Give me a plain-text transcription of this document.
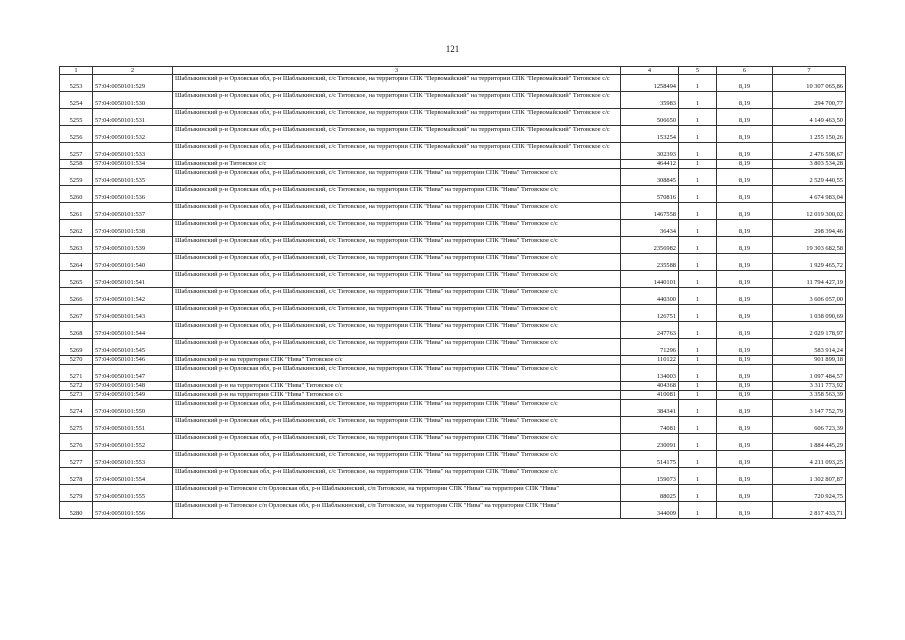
121
1	2	3	4	5	6	7
5253	57:04:0050101:529	Шаблыкинский р-н Орловская обл, р-н Шаблыкинский, с/с Титовское, на территории СПК "Первомайский" на территории СПК "Первомайский" Титовское с/с	1258494	1	8,19	10 307 065,86
5254	57:04:0050101:530	Шаблыкинский р-н Орловская обл, р-н Шаблыкинский, с/с Титовское, на территории СПК "Первомайский" на территории СПК "Первомайский" Титовское с/с	35983	1	8,19	294 700,77
5255	57:04:0050101:531	Шаблыкинский р-н Орловская обл, р-н Шаблыкинский, с/с Титовское, на территории СПК "Первомайский" на территории СПК "Первомайский" Титовское с/с	506650	1	8,19	4 149 463,50
5256	57:04:0050101:532	Шаблыкинский р-н Орловская обл, р-н Шаблыкинский, с/с Титовское, на территории СПК "Первомайский" на территории СПК "Первомайский" Титовское с/с	153254	1	8,19	1 255 150,26
5257	57:04:0050101:533	Шаблыкинский р-н Орловская обл, р-н Шаблыкинский, с/с Титовское, на территории СПК "Первомайский" на территории СПК "Первомайский" Титовское с/с	302393	1	8,19	2 476 598,67
5258	57:04:0050101:534	Шаблыкинский р-н Титовское с/с	464412	1	8,19	3 803 534,28
5259	57:04:0050101:535	Шаблыкинский р-н Орловская обл, р-н Шаблыкинский, с/с Титовское, на территории СПК "Нива" на территории СПК "Нива" Титовское с/с	308845	1	8,19	2 529 440,55
5260	57:04:0050101:536	Шаблыкинский р-н Орловская обл, р-н Шаблыкинский, с/с Титовское, на территории СПК "Нива" на территории СПК "Нива" Титовское с/с	570816	1	8,19	4 674 983,04
5261	57:04:0050101:537	Шаблыкинский р-н Орловская обл, р-н Шаблыкинский, с/с Титовское, на территории СПК "Нива" на территории СПК "Нива" Титовское с/с	1467558	1	8,19	12 019 300,02
5262	57:04:0050101:538	Шаблыкинский р-н Орловская обл, р-н Шаблыкинский, с/с Титовское, на территории СПК "Нива" на территории СПК "Нива" Титовское с/с	36434	1	8,19	298 394,46
5263	57:04:0050101:539	Шаблыкинский р-н Орловская обл, р-н Шаблыкинский, с/с Титовское, на территории СПК "Нива" на территории СПК "Нива" Титовское с/с	2356982	1	8,19	19 303 682,58
5264	57:04:0050101:540	Шаблыкинский р-н Орловская обл, р-н Шаблыкинский, с/с Титовское, на территории СПК "Нива" на территории СПК "Нива" Титовское с/с	235588	1	8,19	1 929 465,72
5265	57:04:0050101:541	Шаблыкинский р-н Орловская обл, р-н Шаблыкинский, с/с Титовское, на территории СПК "Нива" на территории СПК "Нива" Титовское с/с	1440101	1	8,19	11 794 427,19
5266	57:04:0050101:542	Шаблыкинский р-н Орловская обл, р-н Шаблыкинский, с/с Титовское, на территории СПК "Нива" на территории СПК "Нива" Титовское с/с	440300	1	8,19	3 606 057,00
5267	57:04:0050101:543	Шаблыкинский р-н Орловская обл, р-н Шаблыкинский, с/с Титовское, на территории СПК "Нива" на территории СПК "Нива" Титовское с/с	126751	1	8,19	1 038 090,69
5268	57:04:0050101:544	Шаблыкинский р-н Орловская обл, р-н Шаблыкинский, с/с Титовское, на территории СПК "Нива" на территории СПК "Нива" Титовское с/с	247763	1	8,19	2 029 178,97
5269	57:04:0050101:545	Шаблыкинский р-н Орловская обл, р-н Шаблыкинский, с/с Титовское, на территории СПК "Нива" на территории СПК "Нива" Титовское с/с	71296	1	8,19	583 914,24
5270	57:04:0050101:546	Шаблыкинский р-н на территории СПК "Нива" Титовское с/с	110122	1	8,19	901 899,18
5271	57:04:0050101:547	Шаблыкинский р-н Орловская обл, р-н Шаблыкинский, с/с Титовское, на территории СПК "Нива" на территории СПК "Нива" Титовское с/с	134003	1	8,19	1 097 484,57
5272	57:04:0050101:548	Шаблыкинский р-н на территории СПК "Нива" Титовское с/с	404368	1	8,19	3 311 773,92
5273	57:04:0050101:549	Шаблыкинский р-н на территории СПК "Нива" Титовское с/с	410081	1	8,19	3 358 563,39
5274	57:04:0050101:550	Шаблыкинский р-н Орловская обл, р-н Шаблыкинский, с/с Титовское, на территории СПК "Нива" на территории СПК "Нива" Титовское с/с	384341	1	8,19	3 147 752,79
5275	57:04:0050101:551	Шаблыкинский р-н Орловская обл, р-н Шаблыкинский, с/с Титовское, на территории СПК "Нива" на территории СПК "Нива" Титовское с/с	74081	1	8,19	606 723,39
5276	57:04:0050101:552	Шаблыкинский р-н Орловская обл, р-н Шаблыкинский, с/с Титовское, на территории СПК "Нива" на территории СПК "Нива" Титовское с/с	230091	1	8,19	1 884 445,29
5277	57:04:0050101:553	Шаблыкинский р-н Орловская обл, р-н Шаблыкинский, с/с Титовское, на территории СПК "Нива" на территории СПК "Нива" Титовское с/с	514175	1	8,19	4 211 093,25
5278	57:04:0050101:554	Шаблыкинский р-н Орловская обл, р-н Шаблыкинский, с/с Титовское, на территории СПК "Нива" на территории СПК "Нива" Титовское с/с	159073	1	8,19	1 302 807,87
5279	57:04:0050101:555	Шаблыкинский р-н Титовское с/п Орловская обл, р-н Шаблыкинский, с/п Титовское, на территории СПК "Нива" на территории СПК "Нива"	88025	1	8,19	720 924,75
5280	57:04:0050101:556	Шаблыкинский р-н Титовское с/п Орловская обл, р-н Шаблыкинский, с/п Титовское, на территории СПК "Нива" на территории СПК "Нива"	344009	1	8,19	2 817 433,71
